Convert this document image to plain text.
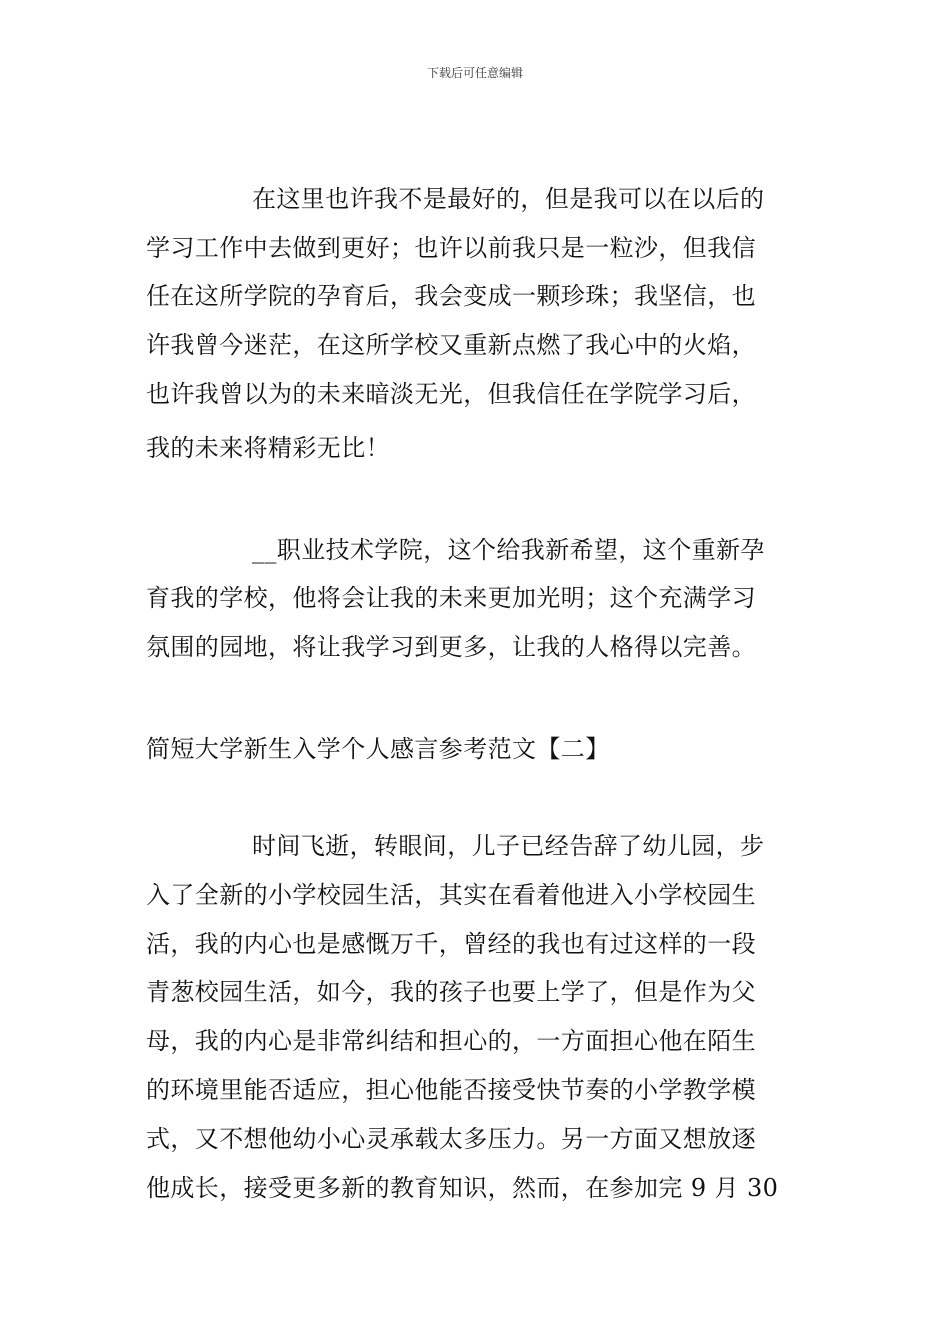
下载后可任意编辑
在这里也许我不是最好的，但是我可以在以后的
学习工作中去做到更好；也许以前我只是一粒沙，但我信
任在这所学院的孕育后，我会变成一颗珍珠；我坚信，也
许我曾今迷茫，在这所学校又重新点燃了我心中的火焰，
也许我曾以为的未来暗淡无光，但我信任在学院学习后，
我的未来将精彩无比！
__职业技术学院，这个给我新希望，这个重新孕
育我的学校，他将会让我的未来更加光明；这个充满学习
氛围的园地，将让我学习到更多，让我的人格得以完善。
简短大学新生入学个人感言参考范文【二】
时间飞逝，转眼间，儿子已经告辞了幼儿园，步
入了全新的小学校园生活，其实在看着他进入小学校园生
活，我的内心也是感慨万千，曾经的我也有过这样的一段
青葱校园生活，如今，我的孩子也要上学了，但是作为父
母，我的内心是非常纠结和担心的，一方面担心他在陌生
的环境里能否适应，担心他能否接受快节奏的小学教学模
式，又不想他幼小心灵承载太多压力。另一方面又想放逐
他成长，接受更多新的教育知识，然而，在参加完 9 月 30
